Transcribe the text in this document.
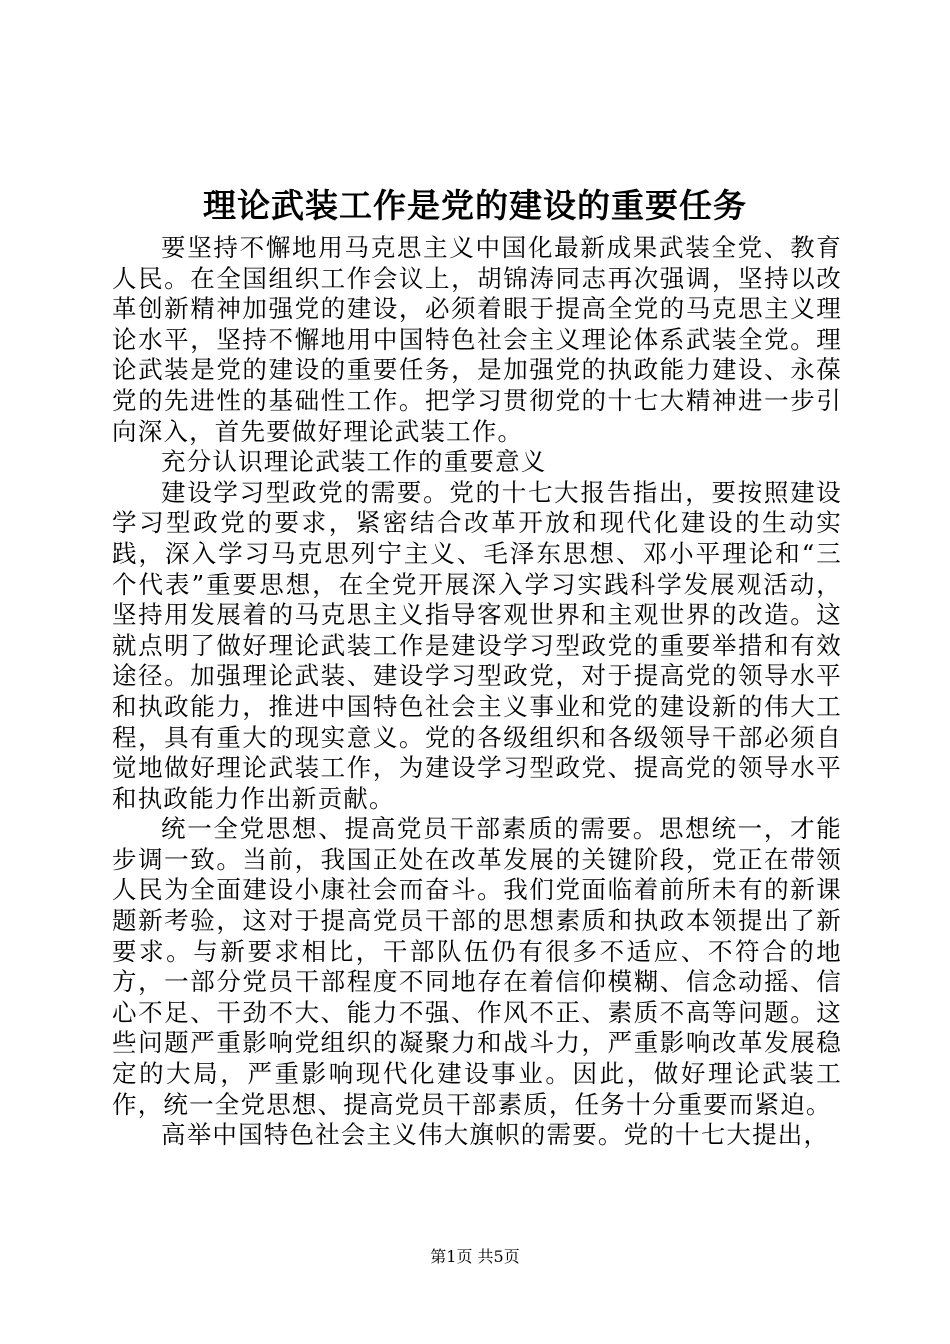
理论武装工作是党的建设的重要任务

要坚持不懈地用马克思主义中国化最新成果武装全党、教育人民。在全国组织工作会议上，胡锦涛同志再次强调，坚持以改革创新精神加强党的建设，必须着眼于提高全党的马克思主义理论水平，坚持不懈地用中国特色社会主义理论体系武装全党。理论武装是党的建设的重要任务，是加强党的执政能力建设、永葆党的先进性的基础性工作。把学习贯彻党的十七大精神进一步引向深入，首先要做好理论武装工作。

充分认识理论武装工作的重要意义

建设学习型政党的需要。党的十七大报告指出，要按照建设学习型政党的要求，紧密结合改革开放和现代化建设的生动实践，深入学习马克思列宁主义、毛泽东思想、邓小平理论和“三个代表”重要思想，在全党开展深入学习实践科学发展观活动，坚持用发展着的马克思主义指导客观世界和主观世界的改造。这就点明了做好理论武装工作是建设学习型政党的重要举措和有效途径。加强理论武装、建设学习型政党，对于提高党的领导水平和执政能力，推进中国特色社会主义事业和党的建设新的伟大工程，具有重大的现实意义。党的各级组织和各级领导干部必须自觉地做好理论武装工作，为建设学习型政党、提高党的领导水平和执政能力作出新贡献。

统一全党思想、提高党员干部素质的需要。思想统一，才能步调一致。当前，我国正处在改革发展的关键阶段，党正在带领人民为全面建设小康社会而奋斗。我们党面临着前所未有的新课题新考验，这对于提高党员干部的思想素质和执政本领提出了新要求。与新要求相比，干部队伍仍有很多不适应、不符合的地方，一部分党员干部程度不同地存在着信仰模糊、信念动摇、信心不足、干劲不大、能力不强、作风不正、素质不高等问题。这些问题严重影响党组织的凝聚力和战斗力，严重影响改革发展稳定的大局，严重影响现代化建设事业。因此，做好理论武装工作，统一全党思想、提高党员干部素质，任务十分重要而紧迫。

高举中国特色社会主义伟大旗帜的需要。党的十七大提出，

第1页 共5页
